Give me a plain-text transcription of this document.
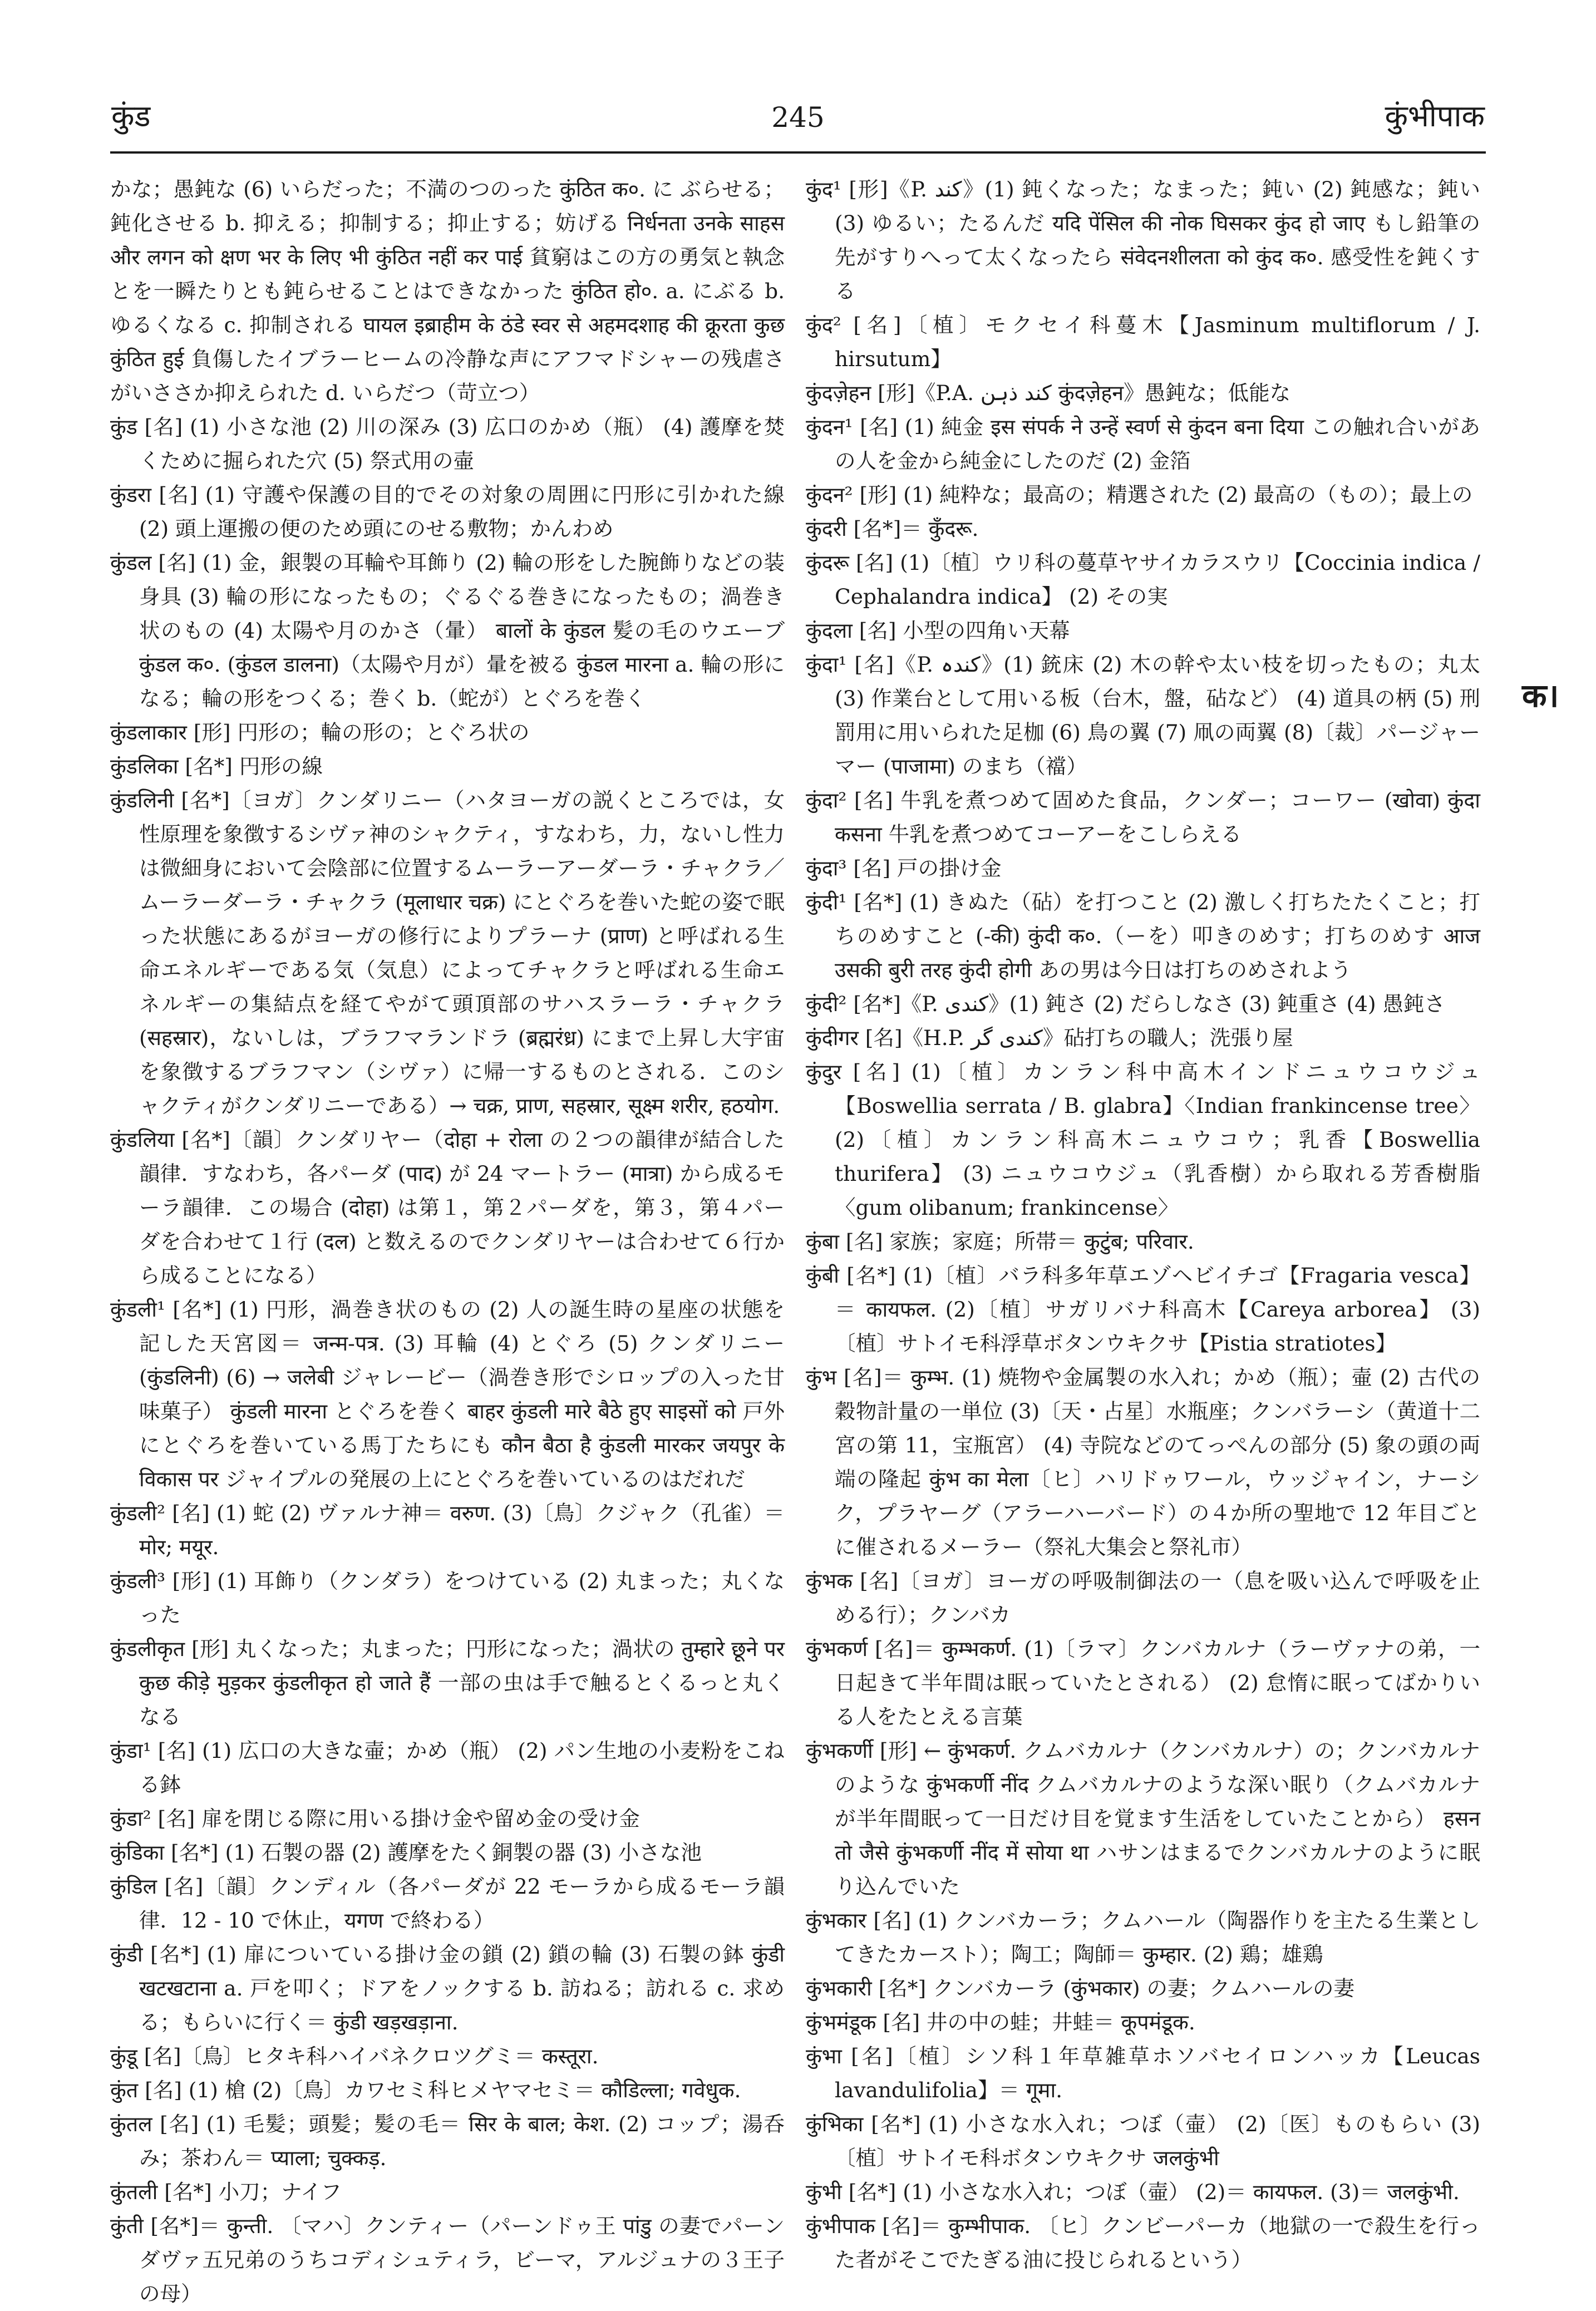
कुंड	245	कुंभीपाक
かな；愚鈍な (6) いらだった；不満のつのった कुंठित क०. に ぶらせる；鈍化させる b. 抑える；抑制する；抑止する；妨げる निर्धनता उनके साहस और लगन को क्षण भर के लिए भी कुंठित नहीं कर पाई 貧窮はこの方の勇気と執念とを一瞬たりとも鈍らせることはできなかった कुंठित हो०. a. にぶる b. ゆるくなる c. 抑制される घायल इब्राहीम के ठंडे स्वर से अहमदशाह की क्रूरता कुछ कुंठित हुई 負傷したイブラーヒームの冷静な声にアフマドシャーの残虐さがいささか抑えられた d. いらだつ（苛立つ）
कुंड [名] (1) 小さな池 (2) 川の深み (3) 広口のかめ（瓶） (4) 護摩を焚くために掘られた穴 (5) 祭式用の壷
कुंडरा [名] (1) 守護や保護の目的でその対象の周囲に円形に引かれた線 (2) 頭上運搬の便のため頭にのせる敷物；かんわめ
कुंडल [名] (1) 金，銀製の耳輪や耳飾り (2) 輪の形をした腕飾りなどの装身具 (3) 輪の形になったもの；ぐるぐる巻きになったもの；渦巻き状のもの (4) 太陽や月のかさ（暈） बालों के कुंडल 髪の毛のウエーブ कुंडल क०. (कुंडल डालना)（太陽や月が）暈を被る कुंडल मारना a. 輪の形になる；輪の形をつくる；巻く b.（蛇が）とぐろを巻く
कुंडलाकार [形] 円形の；輪の形の；とぐろ状の
कुंडलिका [名*] 円形の線
कुंडलिनी [名*]〔ヨガ〕クンダリニー（ハタヨーガの説くところでは，女性原理を象徴するシヴァ神のシャクティ，すなわち，力，ないし性力は微細身において会陰部に位置するムーラーアーダーラ・チャクラ／ムーラーダーラ・チャクラ (मूलाधार चक्र) にとぐろを巻いた蛇の姿で眠った状態にあるがヨーガの修行によりプラーナ (प्राण) と呼ばれる生命エネルギーである気（気息）によってチャクラと呼ばれる生命エネルギーの集結点を経てやがて頭頂部のサハスラーラ・チャクラ (सहस्रार)，ないしは，ブラフマランドラ (ब्रह्मरंध्र) にまで上昇し大宇宙を象徴するブラフマン（シヴァ）に帰一するものとされる．このシャクティがクンダリニーである）→ चक्र, प्राण, सहस्रार, सूक्ष्म शरीर, हठयोग.
कुंडलिया [名*]〔韻〕クンダリヤー（दोहा + रोला の２つの韻律が結合した韻律．すなわち，各パーダ (पाद) が 24 マートラー (मात्रा) から成るモーラ韻律．この場合 (दोहा) は第１，第２パーダを，第３，第４パーダを合わせて１行 (दल) と数えるのでクンダリヤーは合わせて６行から成ることになる）
कुंडली¹ [名*] (1) 円形，渦巻き状のもの (2) 人の誕生時の星座の状態を記した天宮図＝ जन्म-पत्र. (3) 耳輪 (4) とぐろ (5) クンダリニー (कुंडलिनी) (6) → जलेबी ジャレービー（渦巻き形でシロップの入った甘味菓子） कुंडली मारना とぐろを巻く बाहर कुंडली मारे बैठे हुए साइसों को 戸外にとぐろを巻いている馬丁たちにも कौन बैठा है कुंडली मारकर जयपुर के विकास पर ジャイプルの発展の上にとぐろを巻いているのはだれだ
कुंडली² [名] (1) 蛇 (2) ヴァルナ神＝ वरुण. (3)〔鳥〕クジャク（孔雀）＝ मोर; मयूर.
कुंडली³ [形] (1) 耳飾り（クンダラ）をつけている (2) 丸まった；丸くなった
कुंडलीकृत [形] 丸くなった；丸まった；円形になった；渦状の तुम्हारे छूने पर कुछ कीड़े मुड़कर कुंडलीकृत हो जाते हैं 一部の虫は手で触るとくるっと丸くなる
कुंडा¹ [名] (1) 広口の大きな壷；かめ（瓶） (2) パン生地の小麦粉をこねる鉢
कुंडा² [名] 扉を閉じる際に用いる掛け金や留め金の受け金
कुंडिका [名*] (1) 石製の器 (2) 護摩をたく銅製の器 (3) 小さな池
कुंडिल [名]〔韻〕クンディル（各パーダが 22 モーラから成るモーラ韻律．12 - 10 で休止，यगण で終わる）
कुंडी [名*] (1) 扉についている掛け金の鎖 (2) 鎖の輪 (3) 石製の鉢 कुंडी खटखटाना a. 戸を叩く；ドアをノックする b. 訪ねる；訪れる c. 求める；もらいに行く＝ कुंडी खड़खड़ाना.
कुंडू [名]〔鳥〕ヒタキ科ハイバネクロツグミ＝ कस्तूरा.
कुंत [名] (1) 槍 (2)〔鳥〕カワセミ科ヒメヤマセミ＝ कौडिल्ला; गवेधुक.
कुंतल [名] (1) 毛髪；頭髪；髪の毛＝ सिर के बाल; केश. (2) コップ；湯呑み；茶わん＝ प्याला; चुक्कड़.
कुंतली [名*] 小刀；ナイフ
कुंती [名*]＝ कुन्ती. 〔マハ〕クンティー（パーンドゥ王 पांडु の妻でパーンダヴァ五兄弟のうちコディシュティラ，ビーマ，アルジュナの３王子の母）
कुंद¹ [形]《P. کند》(1) 鈍くなった；なまった；鈍い (2) 鈍感な；鈍い (3) ゆるい；たるんだ यदि पेंसिल की नोक घिसकर कुंद हो जाए もし鉛筆の先がすりへって太くなったら संवेदनशीलता को कुंद क०. 感受性を鈍くする
कुंद² [名]〔植〕モクセイ科蔓木【Jasminum multiflorum / J. hirsutum】
कुंदज़ेहन [形]《P.A. کند ذہن कुंदज़ेहन》愚鈍な；低能な
कुंदन¹ [名] (1) 純金 इस संपर्क ने उन्हें स्वर्ण से कुंदन बना दिया この触れ合いがあの人を金から純金にしたのだ (2) 金箔
कुंदन² [形] (1) 純粋な；最高の；精選された (2) 最高の（もの）；最上の
कुंदरी [名*]＝ कुँदरू.
कुंदरू [名] (1)〔植〕ウリ科の蔓草ヤサイカラスウリ【Coccinia indica / Cephalandra indica】 (2) その実
कुंदला [名] 小型の四角い天幕
कुंदा¹ [名]《P. کندہ》(1) 銃床 (2) 木の幹や太い枝を切ったもの；丸太 (3) 作業台として用いる板（台木，盤，砧など） (4) 道具の柄 (5) 刑罰用に用いられた足枷 (6) 鳥の翼 (7) 凧の両翼 (8)〔裁〕パージャーマー (पाजामा) のまち（襠）
कुंदा² [名] 牛乳を煮つめて固めた食品，クンダー；コーワー (खोवा) कुंदा कसना 牛乳を煮つめてコーアーをこしらえる
कुंदा³ [名] 戸の掛け金
कुंदी¹ [名*] (1) きぬた（砧）を打つこと (2) 激しく打ちたたくこと；打ちのめすこと (-की) कुंदी क०.（ーを）叩きのめす；打ちのめす आज उसकी बुरी तरह कुंदी होगी あの男は今日は打ちのめされよう
कुंदी² [名*]《P. کندی》(1) 鈍さ (2) だらしなさ (3) 鈍重さ (4) 愚鈍さ
कुंदीगर [名]《H.P. کندی گر》砧打ちの職人；洗張り屋
कुंदुर [名] (1)〔植〕カンラン科中高木インドニュウコウジュ【Boswellia serrata / B. glabra】〈Indian frankincense tree〉 (2)〔植〕カンラン科高木ニュウコウ；乳香【Boswellia thurifera】 (3) ニュウコウジュ（乳香樹）から取れる芳香樹脂〈gum olibanum; frankincense〉
कुंबा [名] 家族；家庭；所帯＝ कुटुंब; परिवार.
कुंबी [名*] (1)〔植〕バラ科多年草エゾヘビイチゴ【Fragaria vesca】＝ कायफल. (2)〔植〕サガリバナ科高木【Careya arborea】 (3)〔植〕サトイモ科浮草ボタンウキクサ【Pistia stratiotes】
कुंभ [名]＝ कुम्भ. (1) 焼物や金属製の水入れ；かめ（瓶）；壷 (2) 古代の穀物計量の一単位 (3)〔天・占星〕水瓶座；クンバラーシ（黄道十二宮の第 11，宝瓶宮） (4) 寺院などのてっぺんの部分 (5) 象の頭の両端の隆起 कुंभ का मेला〔ヒ〕ハリドゥワール，ウッジャイン，ナーシク，プラヤーグ（アラーハーバード）の４か所の聖地で 12 年目ごとに催されるメーラー（祭礼大集会と祭礼市）
कुंभक [名]〔ヨガ〕ヨーガの呼吸制御法の一（息を吸い込んで呼吸を止める行）；クンバカ
कुंभकर्ण [名]＝ कुम्भकर्ण. (1)〔ラマ〕クンバカルナ（ラーヴァナの弟，一日起きて半年間は眠っていたとされる） (2) 怠惰に眠ってばかりいる人をたとえる言葉
कुंभकर्णी [形] ← कुंभकर्ण. クムバカルナ（クンバカルナ）の；クンバカルナのような कुंभकर्णी नींद クムバカルナのような深い眠り（クムバカルナが半年間眠って一日だけ目を覚ます生活をしていたことから） हसन तो जैसे कुंभकर्णी नींद में सोया था ハサンはまるでクンバカルナのように眠り込んでいた
कुंभकार [名] (1) クンバカーラ；クムハール（陶器作りを主たる生業としてきたカースト）；陶工；陶師＝ कुम्हार. (2) 鶏；雄鶏
कुंभकारी [名*] クンバカーラ (कुंभकार) の妻；クムハールの妻
कुंभमंडूक [名] 井の中の蛙；井蛙＝ कूपमंडूक.
कुंभा [名]〔植〕シソ科１年草雑草ホソバセイロンハッカ【Leucas lavandulifolia】＝ गूमा.
कुंभिका [名*] (1) 小さな水入れ；つぼ（壷） (2)〔医〕ものもらい (3)〔植〕サトイモ科ボタンウキクサ जलकुंभी
कुंभी [名*] (1) 小さな水入れ；つぼ（壷） (2)＝ कायफल. (3)＝ जलकुंभी.
कुंभीपाक [名]＝ कुम्भीपाक. 〔ヒ〕クンビーパーカ（地獄の一で殺生を行った者がそこでたぎる油に投じられるという）
क।
